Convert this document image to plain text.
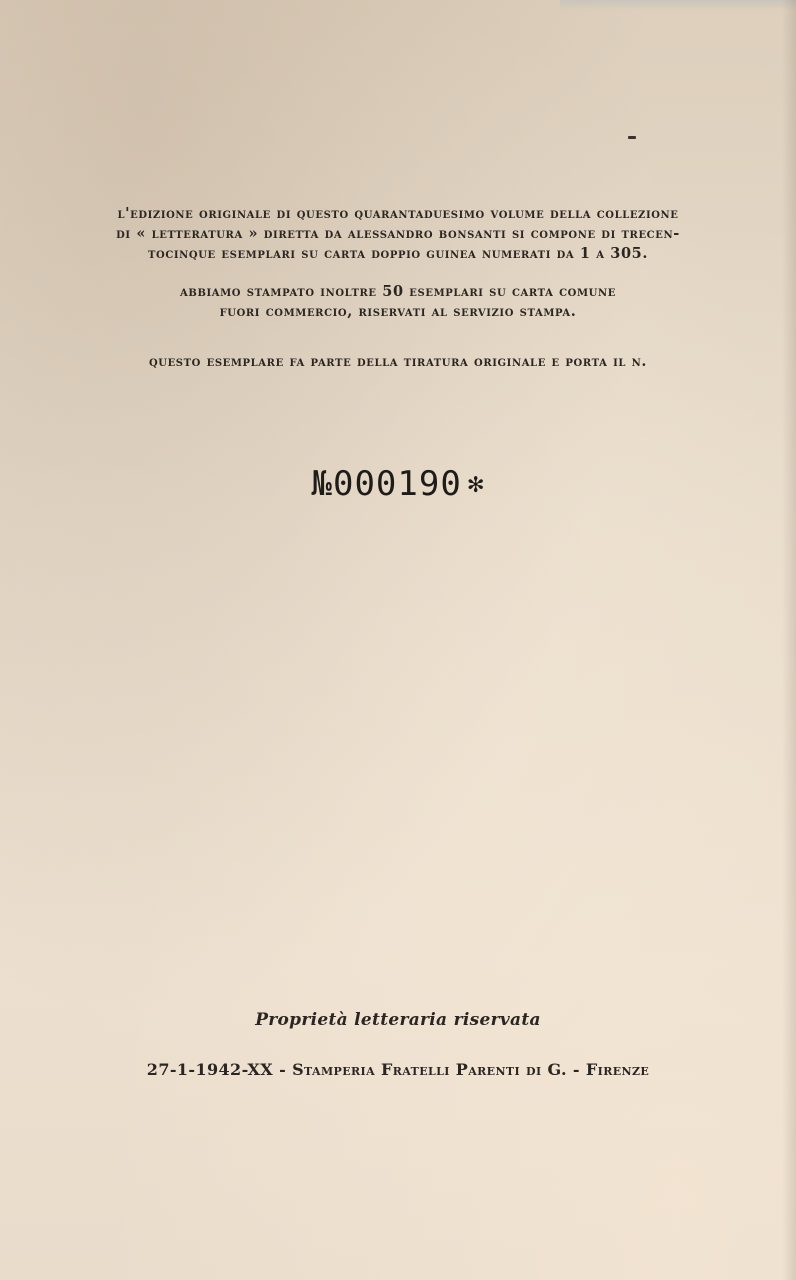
l'edizione originale di questo quarantaduesimo volume della collezione

di « letteratura » diretta da alessandro bonsanti si compone di trecen-

tocinque esemplari su carta doppio guinea numerati da 1 a 305.

abbiamo stampato inoltre 50 esemplari su carta comune

fuori commercio, riservati al servizio stampa.

questo esemplare fa parte della tiratura originale e porta il n.

№000190 ✻
Proprietà letteraria riservata
27-1-1942-XX - Stamperia Fratelli Parenti di G. - Firenze
